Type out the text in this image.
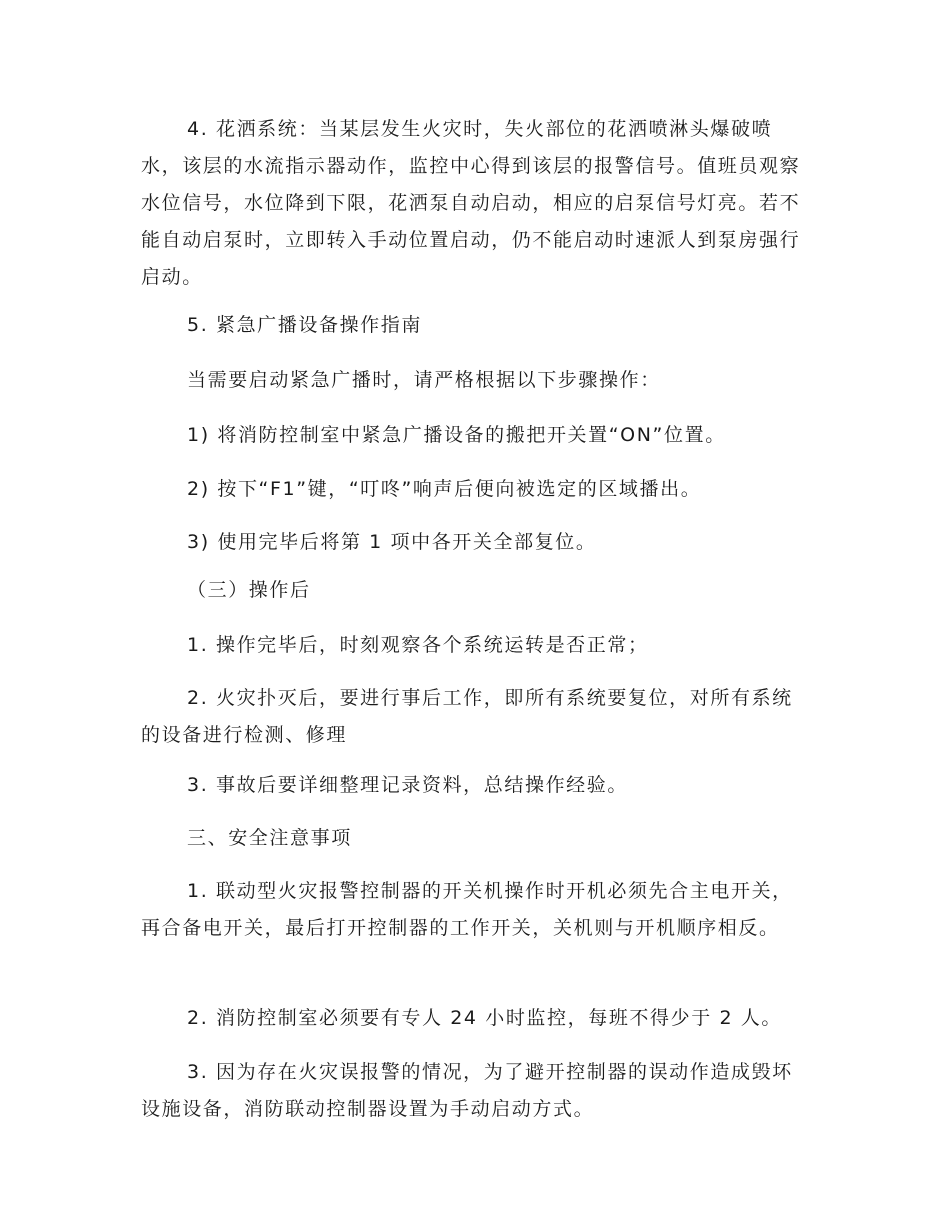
4. 花洒系统：当某层发生火灾时，失火部位的花洒喷淋头爆破喷水，该层的水流指示器动作，监控中心得到该层的报警信号。值班员观察水位信号，水位降到下限，花洒泵自动启动，相应的启泵信号灯亮。若不能自动启泵时，立即转入手动位置启动，仍不能启动时速派人到泵房强行启动。

5. 紧急广播设备操作指南

当需要启动紧急广播时，请严格根据以下步骤操作：

1) 将消防控制室中紧急广播设备的搬把开关置“ON”位置。

2) 按下“F1”键，“叮咚”响声后便向被选定的区域播出。

3) 使用完毕后将第 1 项中各开关全部复位。

（三）操作后

1. 操作完毕后，时刻观察各个系统运转是否正常；

2. 火灾扑灭后，要进行事后工作，即所有系统要复位，对所有系统的设备进行检测、修理

3. 事故后要详细整理记录资料，总结操作经验。

三、安全注意事项

1. 联动型火灾报警控制器的开关机操作时开机必须先合主电开关，再合备电开关，最后打开控制器的工作开关，关机则与开机顺序相反。

2. 消防控制室必须要有专人 24 小时监控，每班不得少于 2 人。

3. 因为存在火灾误报警的情况，为了避开控制器的误动作造成毁坏设施设备，消防联动控制器设置为手动启动方式。
